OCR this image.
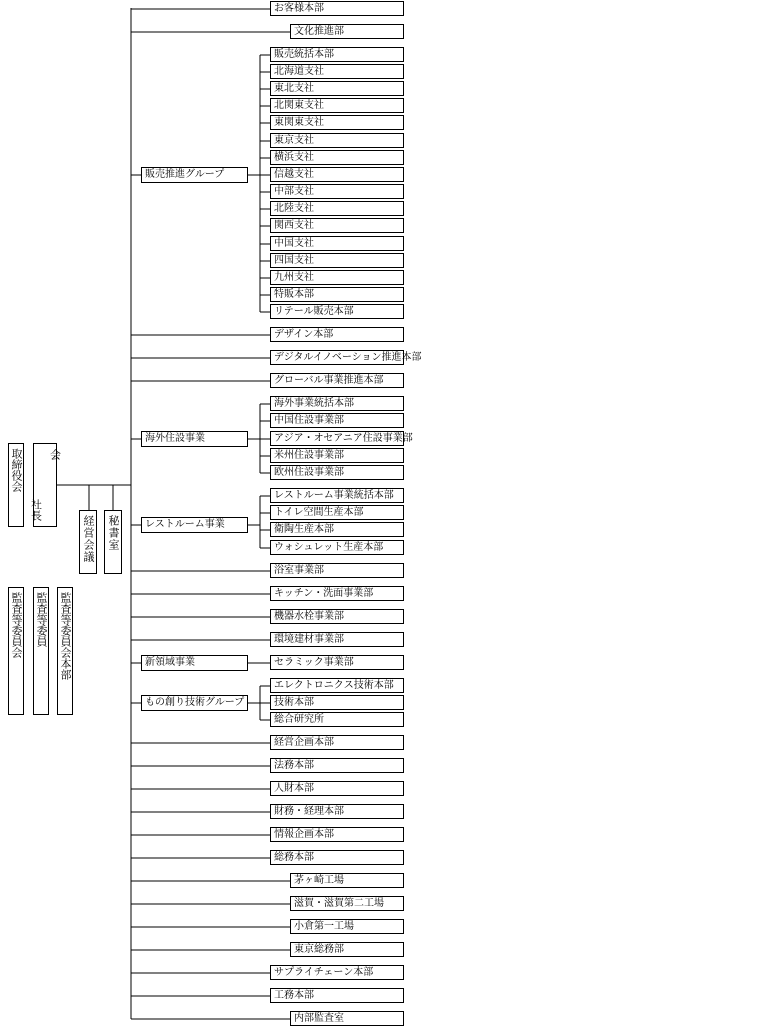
取締役会
社長
会
経営会議 秘書室
監査等委員会 監査等委員 監査等委員会本部
販売推進グループ
海外住設事業
レストルーム事業
新領域事業
もの創り技術グループ
お客様本部
文化推進部
販売統括本部
北海道支社
東北支社
北関東支社
東関東支社
東京支社
横浜支社
信越支社
中部支社
北陸支社
関西支社
中国支社
四国支社
九州支社
特販本部
リテール販売本部
デザイン本部
デジタルイノベーション推進本部
グローバル事業推進本部
海外事業統括本部
中国住設事業部
アジア・オセアニア住設事業部
米州住設事業部
欧州住設事業部
レストルーム事業統括本部
トイレ空間生産本部
衛陶生産本部
ウォシュレット生産本部
浴室事業部
キッチン・洗面事業部
機器水栓事業部
環境建材事業部
セラミック事業部
エレクトロニクス技術本部
技術本部
総合研究所
経営企画本部
法務本部
人財本部
財務・経理本部
情報企画本部
総務本部
茅ヶ崎工場
滋賀・滋賀第二工場
小倉第一工場
東京総務部
サプライチェーン本部
工務本部
内部監査室
